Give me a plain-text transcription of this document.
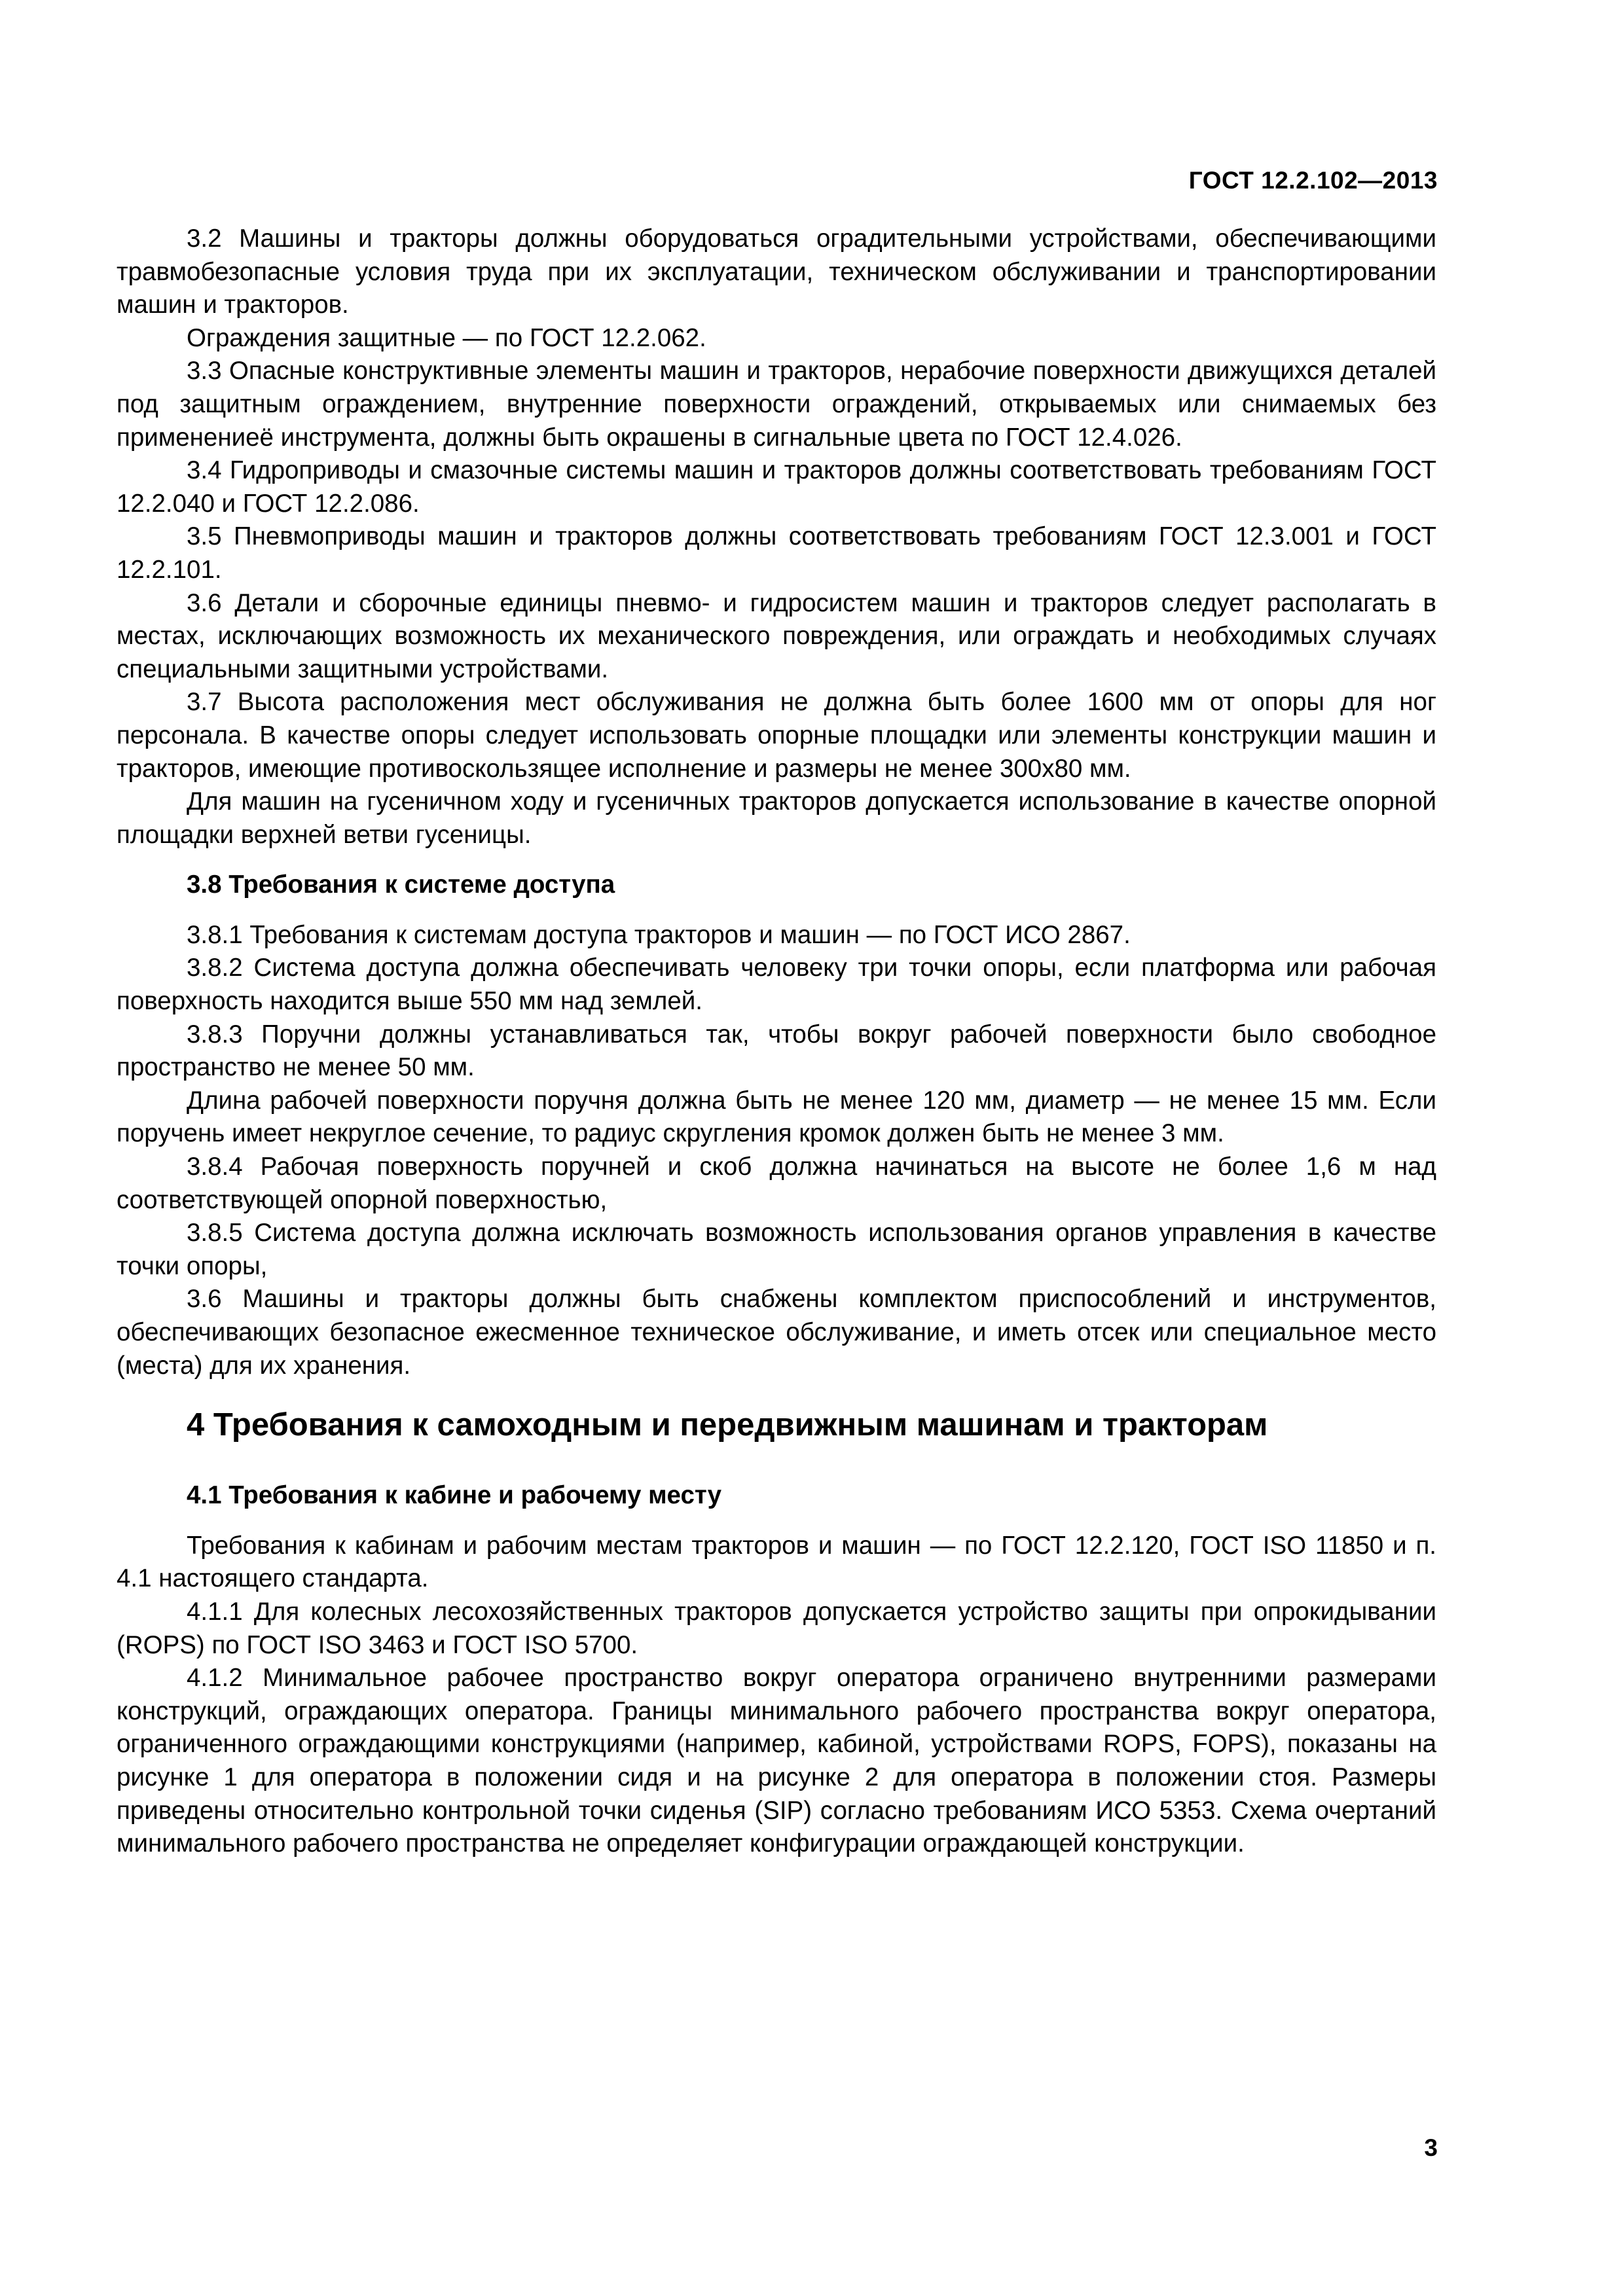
ГОСТ 12.2.102—2013

3.2 Машины и тракторы должны оборудоваться оградительными устройствами, обеспечивающими травмобезопасные условия труда при их эксплуатации, техническом обслуживании и транспортировании машин и тракторов.

Ограждения защитные — по ГОСТ 12.2.062.

3.3 Опасные конструктивные элементы машин и тракторов, нерабочие поверхности движущихся деталей под защитным ограждением, внутренние поверхности ограждений, открываемых или снимаемых без применениеё инструмента, должны быть окрашены в сигнальные цвета по ГОСТ 12.4.026.

3.4 Гидроприводы и смазочные системы машин и тракторов должны соответствовать требованиям ГОСТ 12.2.040 и ГОСТ 12.2.086.

3.5 Пневмоприводы машин и тракторов должны соответствовать требованиям ГОСТ 12.3.001 и ГОСТ 12.2.101.

3.6 Детали и сборочные единицы пневмо- и гидросистем машин и тракторов следует располагать в местах, исключающих возможность их механического повреждения, или ограждать и необходимых случаях специальными защитными устройствами.

3.7 Высота расположения мест обслуживания не должна быть более 1600 мм от опоры для ног персонала. В качестве опоры следует использовать опорные площадки или элементы конструкции машин и тракторов, имеющие противоскользящее исполнение и размеры не менее 300х80 мм.

Для машин на гусеничном ходу и гусеничных тракторов допускается использование в качестве опорной площадки верхней ветви гусеницы.

3.8 Требования к системе доступа

3.8.1 Требования к системам доступа тракторов и машин — по ГОСТ ИСО 2867.

3.8.2 Система доступа должна обеспечивать человеку три точки опоры, если платформа или рабочая поверхность находится выше 550 мм над землей.

3.8.3 Поручни должны устанавливаться так, чтобы вокруг рабочей поверхности было свободное пространство не менее 50 мм.

Длина рабочей поверхности поручня должна быть не менее 120 мм, диаметр — не менее 15 мм. Если поручень имеет некруглое сечение, то радиус скругления кромок должен быть не менее 3 мм.

3.8.4 Рабочая поверхность поручней и скоб должна начинаться на высоте не более 1,6 м над соответствующей опорной поверхностью,

3.8.5 Система доступа должна исключать возможность использования органов управления в качестве точки опоры,

3.6 Машины и тракторы должны быть снабжены комплектом приспособлений и инструментов, обеспечивающих безопасное ежесменное техническое обслуживание, и иметь отсек или специальное место (места) для их хранения.

4 Требования к самоходным и передвижным машинам и тракторам

4.1 Требования к кабине и рабочему месту

Требования к кабинам и рабочим местам тракторов и машин — по ГОСТ 12.2.120, ГОСТ ISO 11850 и п. 4.1 настоящего стандарта.

4.1.1 Для колесных лесохозяйственных тракторов допускается устройство защиты при опрокидывании (ROPS) по ГОСТ ISO 3463 и ГОСТ ISO 5700.

4.1.2 Минимальное рабочее пространство вокруг оператора ограничено внутренними размерами конструкций, ограждающих оператора. Границы минимального рабочего пространства вокруг оператора, ограниченного ограждающими конструкциями (например, кабиной, устройствами ROPS, FOPS), показаны на рисунке 1 для оператора в положении сидя и на рисунке 2 для оператора в положении стоя. Размеры приведены относительно контрольной точки сиденья (SIP) согласно требованиям ИСО 5353. Схема очертаний минимального рабочего пространства не определяет конфигурации ограждающей конструкции.

3
